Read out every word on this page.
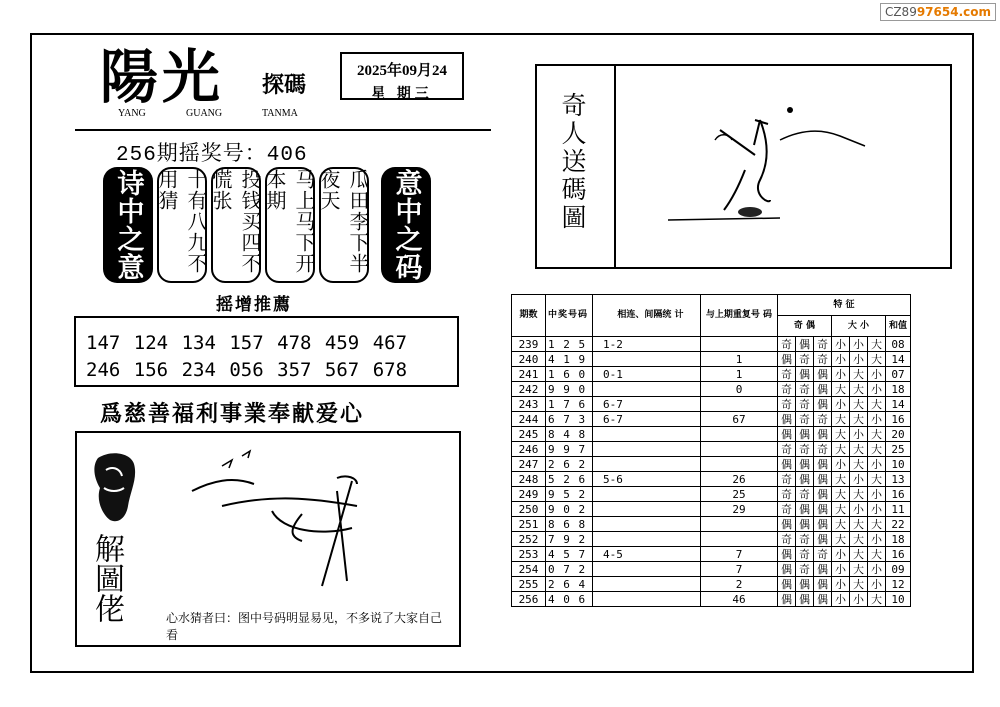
CZ8997654.com
陽光 探碼
YANG	GUANG	TANMA
2025年09月24
星 期三
256期摇奖号：406
诗中之意	十有八九不用猜	投钱买四不慌张	马上马下开本期	瓜田李下半夜天	意中之码
摇增推薦
147 124 134 157 478 459 467
246 156 234 056 357 567 678
爲慈善福利事業奉献爱心
解圖佬	心水猜者曰：图中号码明显易见，不多说了大家自己看
奇人送碼圖
期数	中奖号码	相连、间隔统 计	与上期重复号 码	特 征						
				奇 偶			大 小			和值
239	1 2 5	1-2		奇	偶	奇	小	小	大	08
240	4 1 9		1	偶	奇	奇	小	小	大	14
241	1 6 0	0-1	1	奇	偶	偶	小	大	小	07
242	9 9 0		0	奇	奇	偶	大	大	小	18
243	1 7 6	6-7		奇	奇	偶	小	大	大	14
244	6 7 3	6-7	67	偶	奇	奇	大	大	小	16
245	8 4 8			偶	偶	偶	大	小	大	20
246	9 9 7			奇	奇	奇	大	大	大	25
247	2 6 2			偶	偶	偶	小	大	小	10
248	5 2 6	5-6	26	奇	偶	偶	大	小	大	13
249	9 5 2		25	奇	奇	偶	大	大	小	16
250	9 0 2		29	奇	偶	偶	大	小	小	11
251	8 6 8			偶	偶	偶	大	大	大	22
252	7 9 2			奇	奇	偶	大	大	小	18
253	4 5 7	4-5	7	偶	奇	奇	小	大	大	16
254	0 7 2		7	偶	奇	偶	小	大	小	09
255	2 6 4		2	偶	偶	偶	小	大	小	12
256	4 0 6		46	偶	偶	偶	小	小	大	10
